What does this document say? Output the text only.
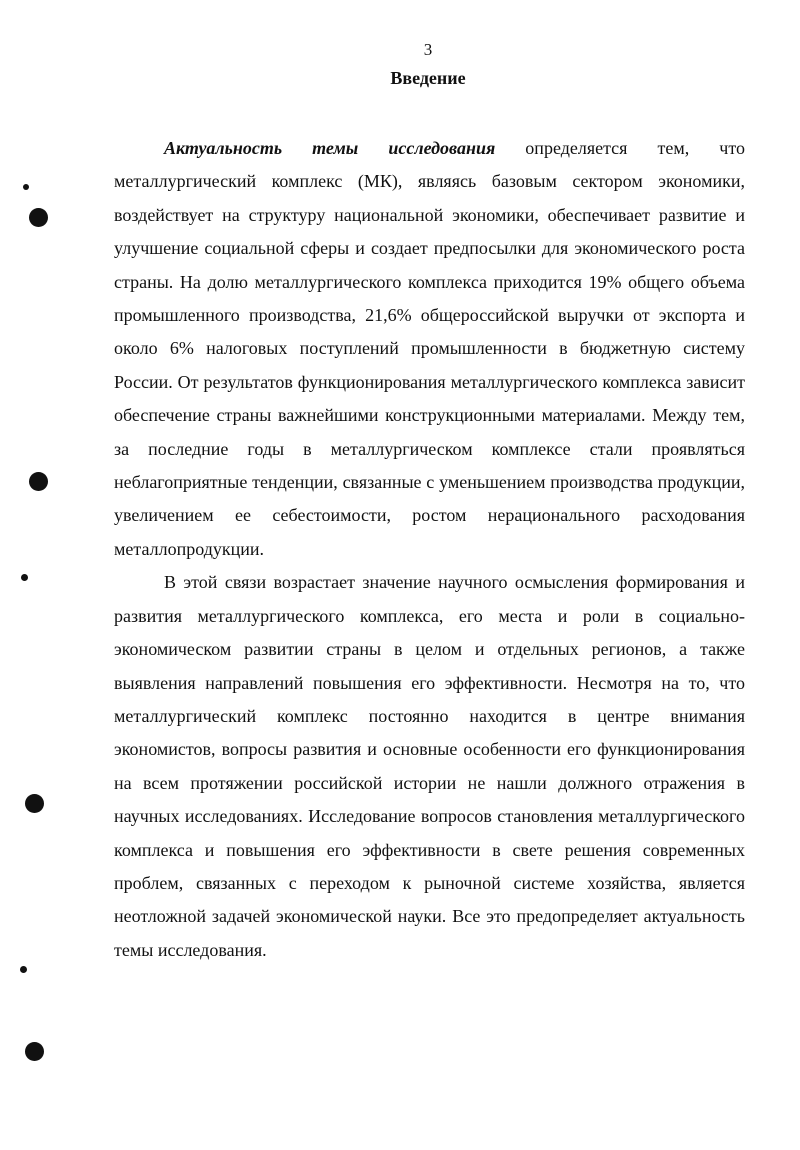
3
Введение

Актуальность темы исследования определяется тем, что металлургический комплекс (МК), являясь базовым сектором экономики, воздействует на структуру национальной экономики, обеспечивает развитие и улучшение социальной сферы и создает предпосылки для экономического роста страны. На долю металлургического комплекса приходится 19% общего объема промышленного производства, 21,6% общероссийской выручки от экспорта и около 6% налоговых поступлений промышленности в бюджетную систему России. От результатов функционирования металлургического комплекса зависит обеспечение страны важнейшими конструкционными материалами. Между тем, за последние годы в металлургическом комплексе стали проявляться неблагоприятные тенденции, связанные с уменьшением производства продукции, увеличением ее себестоимости, ростом нерационального расходования металлопродукции.

В этой связи возрастает значение научного осмысления формирования и развития металлургического комплекса, его места и роли в социально-экономическом развитии страны в целом и отдельных регионов, а также выявления направлений повышения его эффективности. Несмотря на то, что металлургический комплекс постоянно находится в центре внимания экономистов, вопросы развития и основные особенности его функционирования на всем протяжении российской истории не нашли должного отражения в научных исследованиях. Исследование вопросов становления металлургического комплекса и повышения его эффективности в свете решения современных проблем, связанных с переходом к рыночной системе хозяйства, является неотложной задачей экономической науки. Все это предопределяет актуальность темы исследования.
